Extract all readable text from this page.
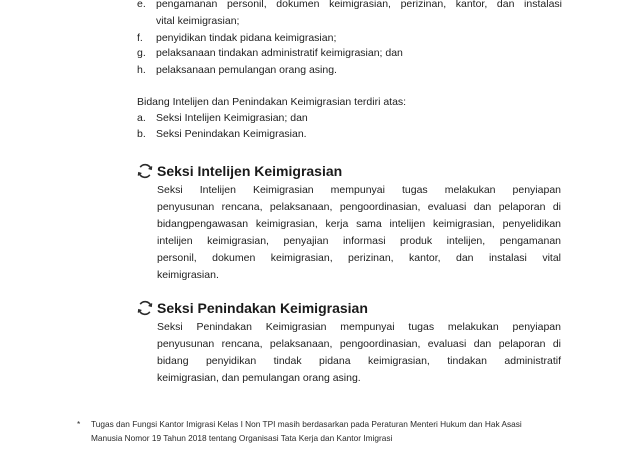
e. pengamanan personil, dokumen keimigrasian, perizinan, kantor, dan instalasi
vital keimigrasian;
f.	penyidikan tindak pidana keimigrasian;
g. pelaksanaan tindakan administratif keimigrasian; dan
h. pelaksanaan pemulangan orang asing.
Bidang Intelijen dan Penindakan Keimigrasian terdiri atas:
a. Seksi Intelijen Keimigrasian; dan
b. Seksi Penindakan Keimigrasian.
Seksi Intelijen Keimigrasian
Seksi Intelijen Keimigrasian mempunyai tugas melakukan penyiapan
penyusunan rencana, pelaksanaan, pengoordinasian, evaluasi dan pelaporan di
bidangpengawasan keimigrasian, kerja sama intelijen keimigrasian, penyelidikan
intelijen keimigrasian, penyajian informasi produk intelijen, pengamanan
personil, dokumen keimigrasian, perizinan, kantor, dan instalasi vital
keimigrasian.
Seksi Penindakan Keimigrasian
Seksi Penindakan Keimigrasian mempunyai tugas melakukan penyiapan
penyusunan rencana, pelaksanaan, pengoordinasian, evaluasi dan pelaporan di
bidang penyidikan tindak pidana keimigrasian, tindakan administratif
keimigrasian, dan pemulangan orang asing.
* Tugas dan Fungsi Kantor Imigrasi Kelas I Non TPI masih berdasarkan pada Peraturan Menteri Hukum dan Hak Asasi
Manusia Nomor 19 Tahun 2018 tentang Organisasi Tata Kerja dan Kantor Imigrasi
